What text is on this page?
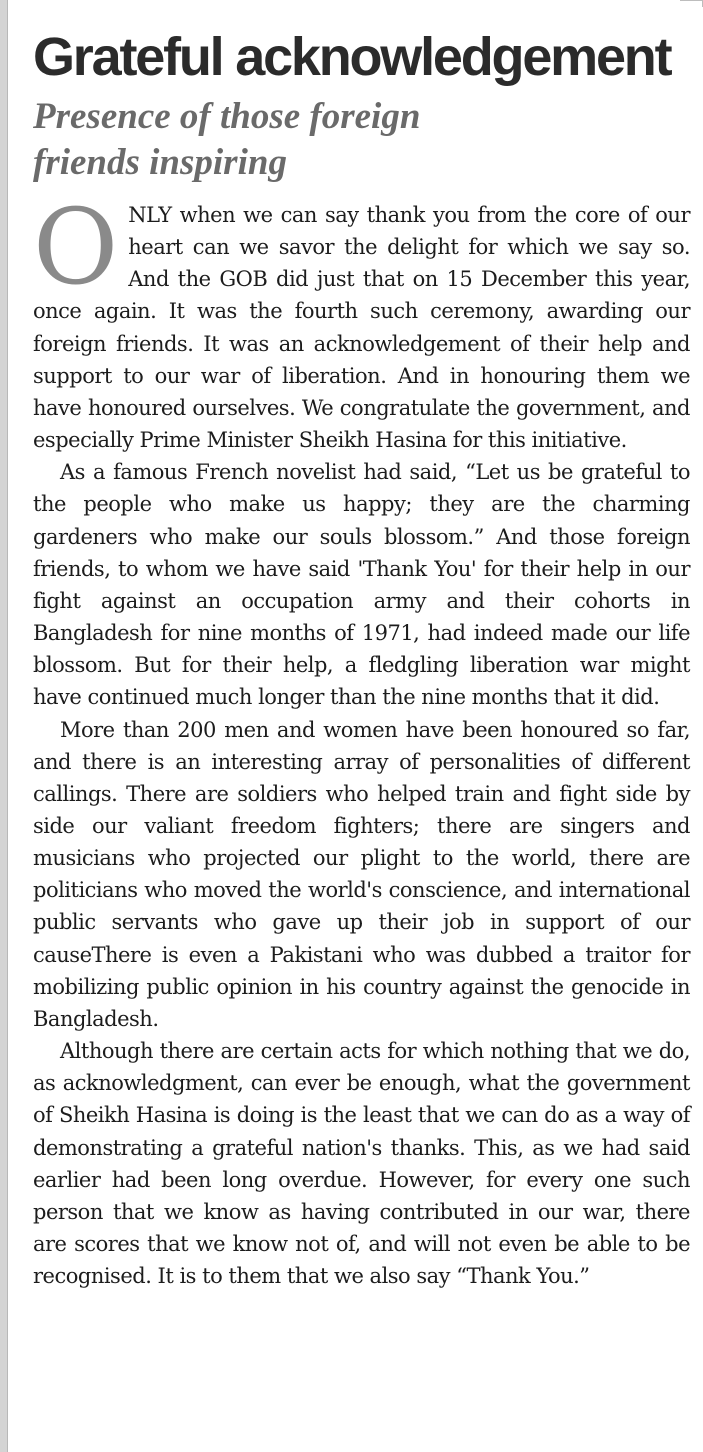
Grateful acknowledgement
Presence of those foreign friends inspiring

ONLY when we can say thank you from the core of our heart can we savor the delight for which we say so. And the GOB did just that on 15 December this year, once again. It was the fourth such ceremony, awarding our foreign friends. It was an acknowledgement of their help and support to our war of liberation. And in honouring them we have honoured ourselves. We congratulate the government, and especially Prime Minister Sheikh Hasina for this initiative.

As a famous French novelist had said, “Let us be grateful to the people who make us happy; they are the charming gardeners who make our souls blossom.” And those foreign friends, to whom we have said 'Thank You' for their help in our fight against an occupation army and their cohorts in Bangladesh for nine months of 1971, had indeed made our life blossom. But for their help, a fledgling liberation war might have continued much longer than the nine months that it did.

More than 200 men and women have been honoured so far, and there is an interesting array of personalities of different callings. There are soldiers who helped train and fight side by side our valiant freedom fighters; there are singers and musicians who projected our plight to the world, there are politicians who moved the world's conscience, and international public servants who gave up their job in support of our causeThere is even a Pakistani who was dubbed a traitor for mobilizing public opinion in his country against the genocide in Bangladesh.

Although there are certain acts for which nothing that we do, as acknowledgment, can ever be enough, what the government of Sheikh Hasina is doing is the least that we can do as a way of demonstrating a grateful nation's thanks. This, as we had said earlier had been long overdue. However, for every one such person that we know as having contributed in our war, there are scores that we know not of, and will not even be able to be recognised. It is to them that we also say “Thank You.”
